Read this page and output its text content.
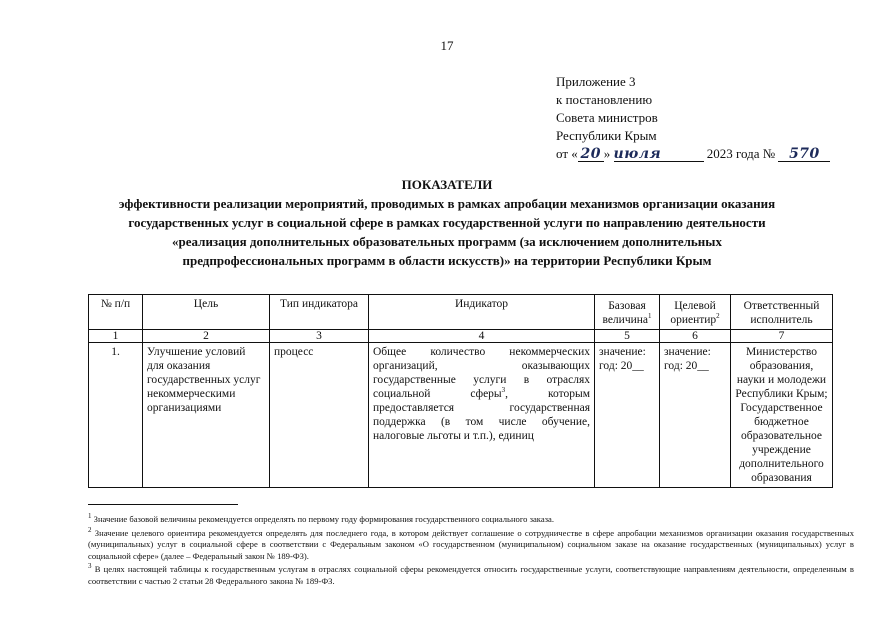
17
Приложение 3
к постановлению
Совета министров
Республики Крым
от « 20 » июля	2023 года № 570
ПОКАЗАТЕЛИ
эффективности реализации мероприятий, проводимых в рамках апробации механизмов организации оказания
государственных услуг в социальной сфере в рамках государственной услуги по направлению деятельности
«реализация дополнительных образовательных программ (за исключением дополнительных
предпрофессиональных программ в области искусств)» на территории Республики Крым
№ п/п	Цель	Тип индикатора	Индикатор	Базовая величина$^1$	Целевой ориентир$^2$	Ответственный исполнитель
1	2	3	4	5	6	7
1.	Улучшение условий для оказания государственных услуг некоммерческими организациями	процесс	Общее количество некоммерческих организаций, оказывающих государственные услуги в отраслях социальной сферы$^3$, которым предоставляется государственная поддержка (в том числе обучение, налоговые льготы и т.п.), единиц	значение: год: 20__	значение: год: 20__	Министерство образования, науки и молодежи Республики Крым;
Государственное бюджетное образовательное учреждение дополнительного образования

$^1$ Значение базовой величины рекомендуется определять по первому году формирования государственного социального заказа.

$^2$ Значение целевого ориентира рекомендуется определять для последнего года, в котором действует соглашение о сотрудничестве в сфере апробации механизмов организации оказания государственных (муниципальных) услуг в социальной сфере в соответствии с Федеральным законом «О государственном (муниципальном) социальном заказе на оказание государственных (муниципальных) услуг в социальной сфере» (далее – Федеральный закон № 189-ФЗ).

$^3$ В целях настоящей таблицы к государственным услугам в отраслях социальной сферы рекомендуется относить государственные услуги, соответствующие направлениям деятельности, определенным в соответствии с частью 2 статьи 28 Федерального закона № 189-ФЗ.
